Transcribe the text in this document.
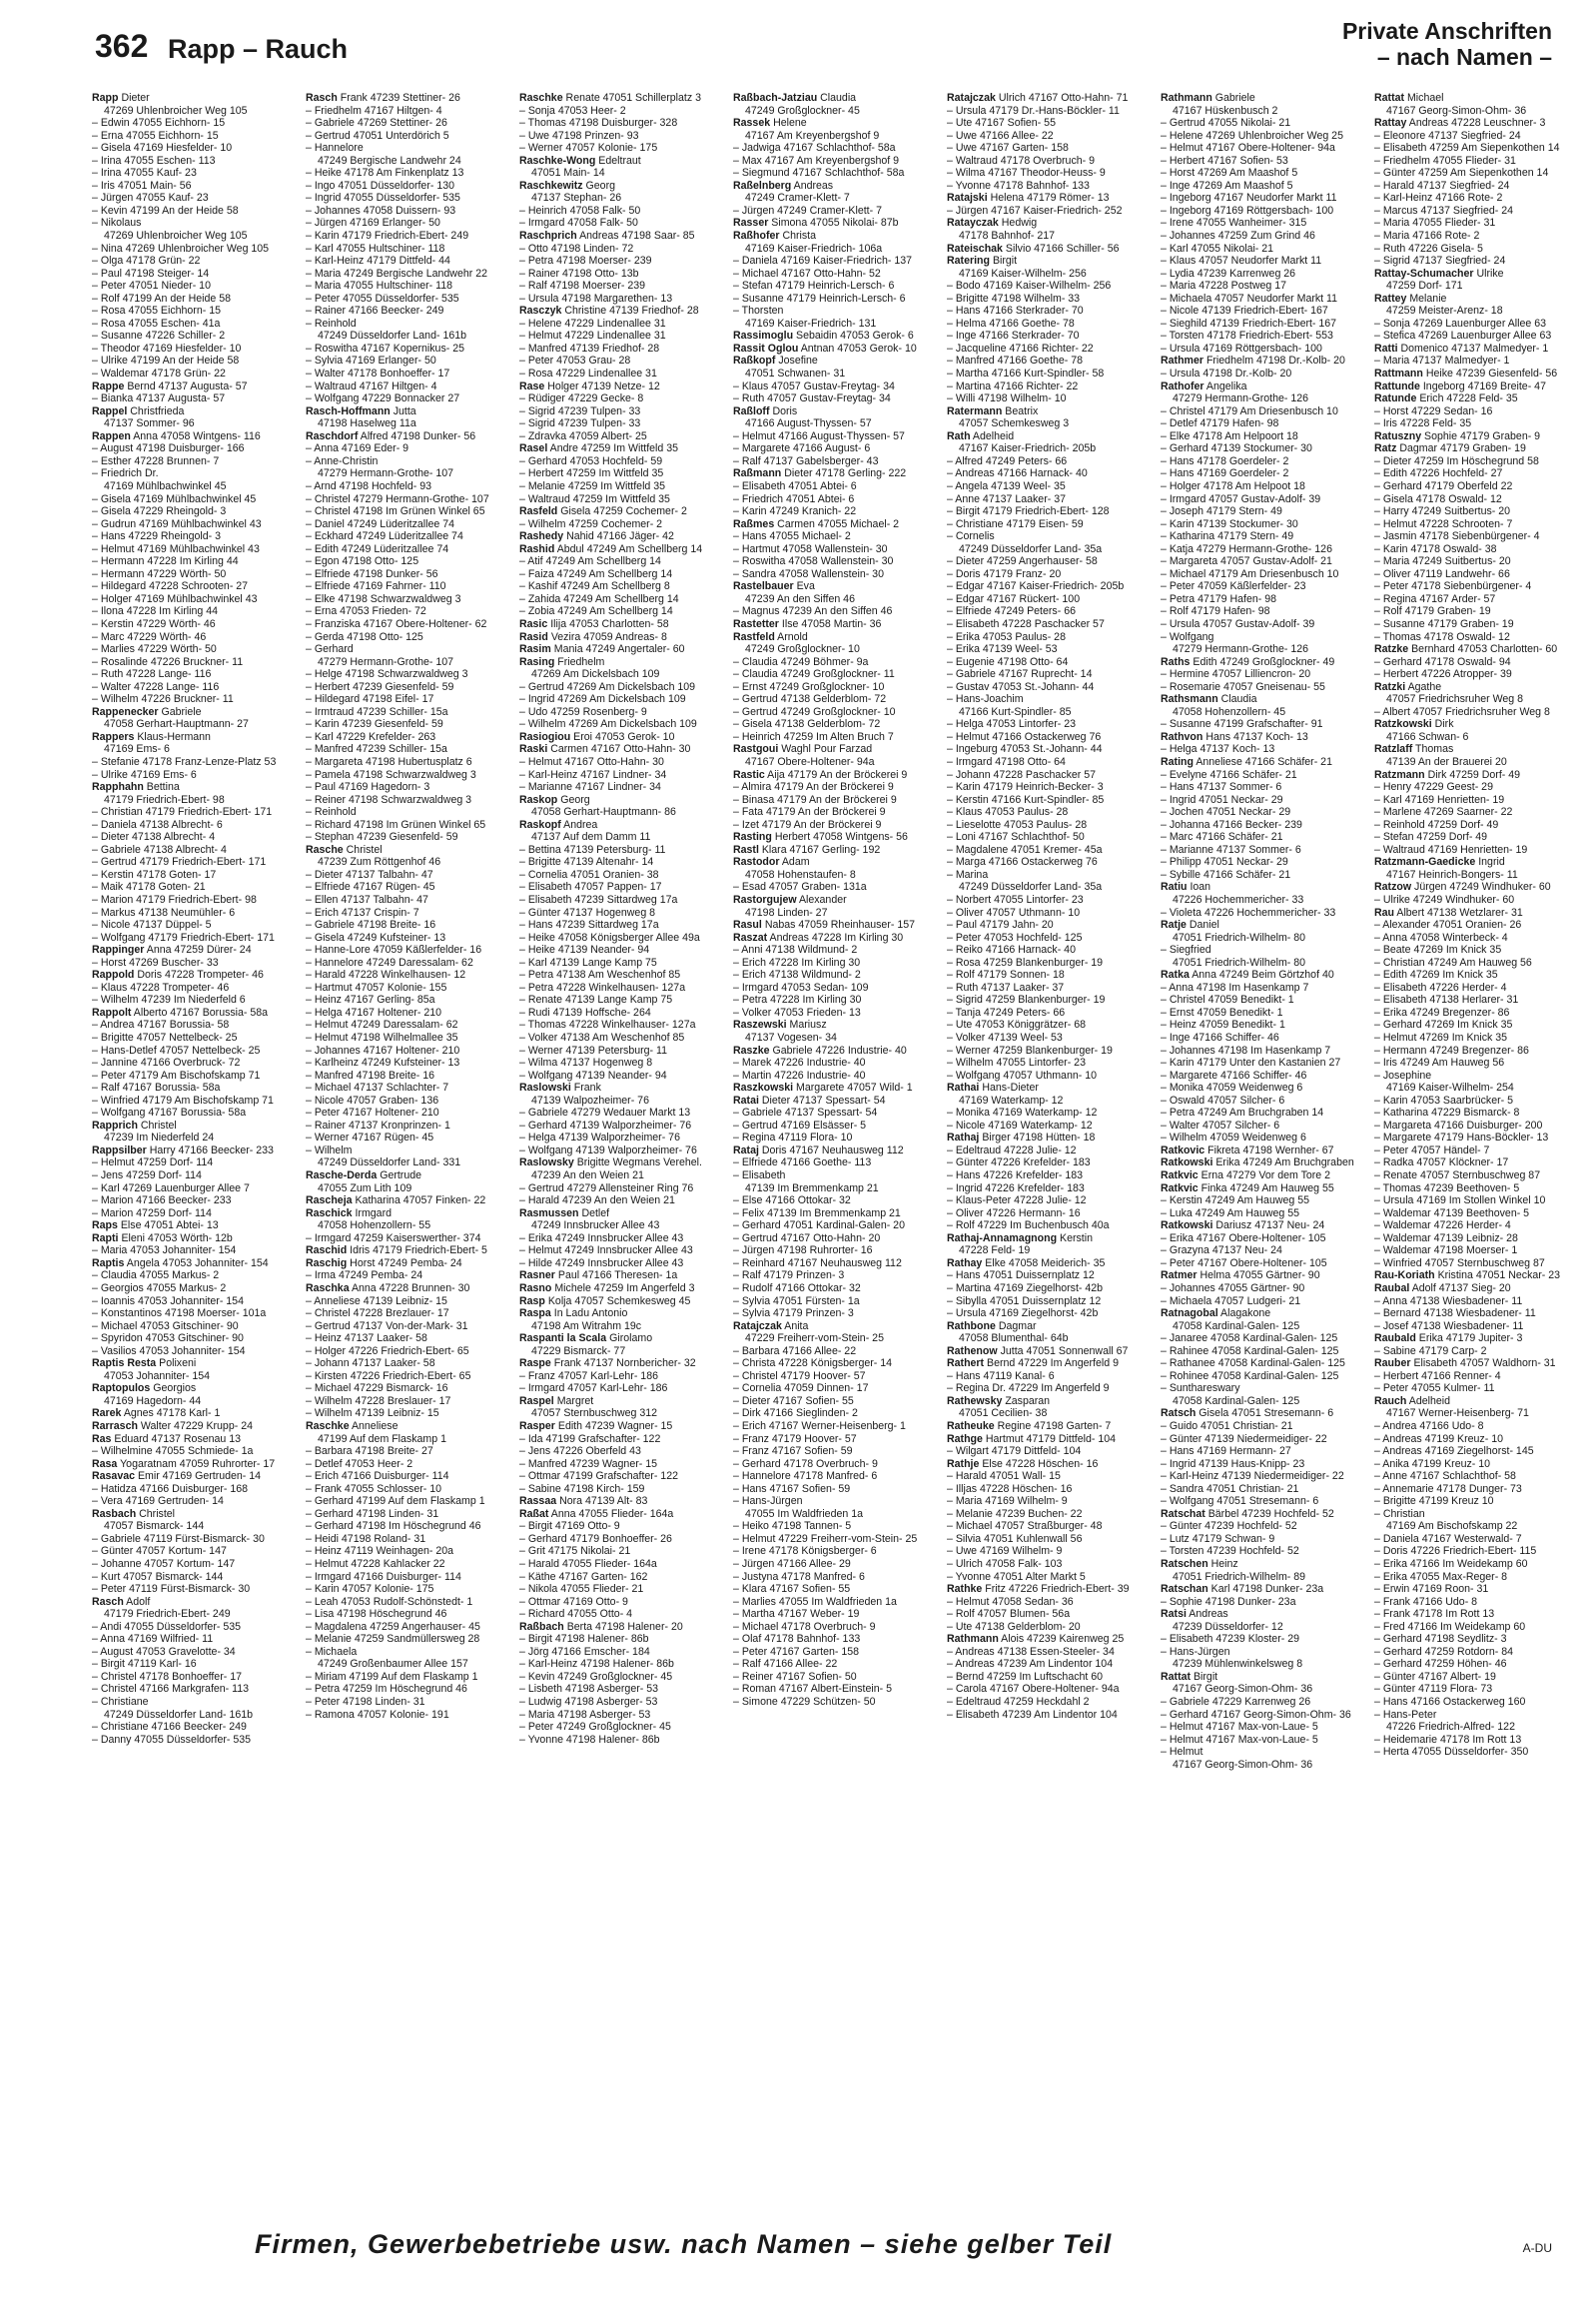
362 Rapp – Rauch
Private Anschriften
– nach Namen –
Rapp Dieter
47269 Uhlenbroicher Weg 105
– Edwin 47055 Eichhorn- 15
– Erna 47055 Eichhorn- 15
– Gisela 47169 Hiesfelder- 10
– Irina 47055 Eschen- 113
– Irina 47055 Kauf- 23
– Iris 47051 Main- 56
– Jürgen 47055 Kauf- 23
– Kevin 47199 An der Heide 58
– Nikolaus
47269 Uhlenbroicher Weg 105
– Nina 47269 Uhlenbroicher Weg 105
– Olga 47178 Grün- 22
– Paul 47198 Steiger- 14
– Peter 47051 Nieder- 10
– Rolf 47199 An der Heide 58
– Rosa 47055 Eichhorn- 15
– Rosa 47055 Eschen- 41a
– Susanne 47226 Schiller- 2
– Theodor 47169 Hiesfelder- 10
– Ulrike 47199 An der Heide 58
– Waldemar 47178 Grün- 22
Rappe Bernd 47137 Augusta- 57
– Bianka 47137 Augusta- 57
Rappel Christfrieda
47137 Sommer- 96
Rappen Anna 47058 Wintgens- 116
– August 47198 Duisburger- 166
– Esther 47228 Brunnen- 7
– Friedrich Dr.
47169 Mühlbachwinkel 45
– Gisela 47169 Mühlbachwinkel 45
– Gisela 47229 Rheingold- 3
– Gudrun 47169 Mühlbachwinkel 43
– Hans 47229 Rheingold- 3
– Helmut 47169 Mühlbachwinkel 43
– Hermann 47228 Im Kirling 44
– Hermann 47229 Wörth- 50
– Hildegard 47228 Schrooten- 27
– Holger 47169 Mühlbachwinkel 43
– Ilona 47228 Im Kirling 44
– Kerstin 47229 Wörth- 46
– Marc 47229 Wörth- 46
– Marlies 47229 Wörth- 50
– Rosalinde 47226 Bruckner- 11
– Ruth 47228 Lange- 116
– Walter 47228 Lange- 116
– Wilhelm 47226 Bruckner- 11
Rappenecker Gabriele
47058 Gerhart-Hauptmann- 27
Rappers Klaus-Hermann
47169 Ems- 6
– Stefanie 47178 Franz-Lenze-Platz 53
– Ulrike 47169 Ems- 6
Rapphahn Bettina
47179 Friedrich-Ebert- 98
– Christian 47179 Friedrich-Ebert- 171
– Daniela 47138 Albrecht- 6
– Dieter 47138 Albrecht- 4
– Gabriele 47138 Albrecht- 4
– Gertrud 47179 Friedrich-Ebert- 171
– Kerstin 47178 Goten- 17
– Maik 47178 Goten- 21
– Marion 47179 Friedrich-Ebert- 98
– Markus 47138 Neumühler- 6
– Nicole 47137 Düppel- 5
– Wolfgang 47179 Friedrich-Ebert- 171
Rappinger Anna 47259 Dürer- 24
– Horst 47269 Buscher- 33
Rappold Doris 47228 Trompeter- 46
– Klaus 47228 Trompeter- 46
– Wilhelm 47239 Im Niederfeld 6
Rappolt Alberto 47167 Borussia- 58a
– Andrea 47167 Borussia- 58
– Brigitte 47057 Nettelbeck- 25
– Hans-Detlef 47057 Nettelbeck- 25
– Jannine 47166 Overbruck- 72
– Peter 47179 Am Bischofskamp 71
– Ralf 47167 Borussia- 58a
– Winfried 47179 Am Bischofskamp 71
– Wolfgang 47167 Borussia- 58a
Rapprich Christel
47239 Im Niederfeld 24
Rappsilber Harry 47166 Beecker- 233
– Helmut 47259 Dorf- 114
– Jens 47259 Dorf- 114
– Karl 47269 Lauenburger Allee 7
– Marion 47166 Beecker- 233
– Marion 47259 Dorf- 114
Raps Else 47051 Abtei- 13
Rapti Eleni 47053 Wörth- 12b
– Maria 47053 Johanniter- 154
Raptis Angela 47053 Johanniter- 154
– Claudia 47055 Markus- 2
– Georgios 47055 Markus- 2
– Ioannis 47053 Johanniter- 154
– Konstantinos 47198 Moerser- 101a
– Michael 47053 Gitschiner- 90
– Spyridon 47053 Gitschiner- 90
– Vasilios 47053 Johanniter- 154
Raptis Resta Polixeni
47053 Johanniter- 154
Raptopulos Georgios
47169 Hagedorn- 44
Rarek Agnes 47178 Karl- 1
Rarrasch Walter 47229 Krupp- 24
Ras Eduard 47137 Rosenau 13
– Wilhelmine 47055 Schmiede- 1a
Rasa Yogaratnam 47059 Ruhrorter- 17
Rasavac Emir 47169 Gertruden- 14
– Hatidza 47166 Duisburger- 168
– Vera 47169 Gertruden- 14
Rasbach Christel
47057 Bismarck- 144
– Gabriele 47119 Fürst-Bismarck- 30
– Günter 47057 Kortum- 147
– Johanne 47057 Kortum- 147
– Kurt 47057 Bismarck- 144
– Peter 47119 Fürst-Bismarck- 30
Rasch Adolf
47179 Friedrich-Ebert- 249
– Andi 47055 Düsseldorfer- 535
– Anna 47169 Wilfried- 11
– August 47053 Gravelotte- 34
– Birgit 47119 Karl- 16
– Christel 47178 Bonhoeffer- 17
– Christel 47166 Markgrafen- 113
– Christiane
47249 Düsseldorfer Land- 161b
– Christiane 47166 Beecker- 249
– Danny 47055 Düsseldorfer- 535
Rasch Frank 47239 Stettiner- 26
– Friedhelm 47167 Hiltgen- 4
– Gabriele 47269 Stettiner- 26
– Gertrud 47051 Unterdörich 5
– Hannelore
47249 Bergische Landwehr 24
– Heike 47178 Am Finkenplatz 13
– Ingo 47051 Düsseldorfer- 130
– Ingrid 47055 Düsseldorfer- 535
– Johannes 47058 Duissern- 93
– Jürgen 47169 Erlanger- 50
– Karin 47179 Friedrich-Ebert- 249
– Karl 47055 Hultschiner- 118
– Karl-Heinz 47179 Dittfeld- 44
– Maria 47249 Bergische Landwehr 22
– Maria 47055 Hultschiner- 118
– Peter 47055 Düsseldorfer- 535
– Rainer 47166 Beecker- 249
– Reinhold
47249 Düsseldorfer Land- 161b
– Roswitha 47167 Kopernikus- 25
– Sylvia 47169 Erlanger- 50
– Walter 47178 Bonhoeffer- 17
– Waltraud 47167 Hiltgen- 4
– Wolfgang 47229 Bonnacker 27
Rasch-Hoffmann Jutta
47198 Haselweg 11a
Raschdorf Alfred 47198 Dunker- 56
– Anna 47169 Eder- 9
– Anne-Christin
47279 Hermann-Grothe- 107
– Arnd 47198 Hochfeld- 93
– Christel 47279 Hermann-Grothe- 107
– Christel 47198 Im Grünen Winkel 65
– Daniel 47249 Lüderitzallee 74
– Eckhard 47249 Lüderitzallee 74
– Edith 47249 Lüderitzallee 74
– Egon 47198 Otto- 125
– Elfriede 47198 Dunker- 56
– Elfriede 47169 Fahrner- 110
– Elke 47198 Schwarzwaldweg 3
– Erna 47053 Frieden- 72
– Franziska 47167 Obere-Holtener- 62
– Gerda 47198 Otto- 125
– Gerhard
47279 Hermann-Grothe- 107
– Helge 47198 Schwarzwaldweg 3
– Herbert 47239 Giesenfeld- 59
– Hildegard 47198 Eifel- 17
– Irmtraud 47239 Schiller- 15a
– Karin 47239 Giesenfeld- 59
– Karl 47229 Krefelder- 263
– Manfred 47239 Schiller- 15a
– Margareta 47198 Hubertusplatz 6
– Pamela 47198 Schwarzwaldweg 3
– Paul 47169 Hagedorn- 3
– Reiner 47198 Schwarzwaldweg 3
– Reinhold
– Richard 47198 Im Grünen Winkel 65
– Stephan 47239 Giesenfeld- 59
Rasche Christel
47239 Zum Röttgenhof 46
– Dieter 47137 Talbahn- 47
– Elfriede 47167 Rügen- 45
– Ellen 47137 Talbahn- 47
– Erich 47137 Crispin- 7
– Gabriele 47198 Breite- 16
– Gisela 47249 Kufsteiner- 13
– Hanne-Lore 47059 Käßlerfelder- 16
– Hannelore 47249 Daressalam- 62
– Harald 47228 Winkelhausen- 12
– Hartmut 47057 Kolonie- 155
– Heinz 47167 Gerling- 85a
– Helga 47167 Holtener- 210
– Helmut 47249 Daressalam- 62
– Helmut 47198 Wilhelmallee 35
– Johannes 47167 Holtener- 210
– Karlheinz 47249 Kufsteiner- 13
– Manfred 47198 Breite- 16
– Michael 47137 Schlachter- 7
– Nicole 47057 Graben- 136
– Peter 47167 Holtener- 210
– Rainer 47137 Kronprinzen- 1
– Werner 47167 Rügen- 45
– Wilhelm
47249 Düsseldorfer Land- 331
Rasche-Derda Gertrude
47055 Zum Lith 109
Rascheja Katharina 47057 Finken- 22
Raschick Irmgard
47058 Hohenzollern- 55
– Irmgard 47259 Kaiserswerther- 374
Raschid Idris 47179 Friedrich-Ebert- 5
Raschig Horst 47249 Pemba- 24
– Irma 47249 Pemba- 24
Raschka Anna 47228 Brunnen- 30
– Anneliese 47139 Leibniz- 15
– Christel 47228 Brezlauer- 17
– Gertrud 47137 Von-der-Mark- 31
– Heinz 47137 Laaker- 58
– Holger 47226 Friedrich-Ebert- 65
– Johann 47137 Laaker- 58
– Kirsten 47226 Friedrich-Ebert- 65
– Michael 47229 Bismarck- 16
– Wilhelm 47228 Breslauer- 17
– Wilhelm 47139 Leibniz- 15
Raschke Anneliese
47199 Auf dem Flaskamp 1
– Barbara 47198 Breite- 27
– Detlef 47053 Heer- 2
– Erich 47166 Duisburger- 114
– Frank 47055 Schlosser- 10
– Gerhard 47199 Auf dem Flaskamp 1
– Gerhard 47198 Linden- 31
– Gerhard 47198 Im Höschegrund 46
– Heidi 47198 Roland- 31
– Heinz 47119 Weinhagen- 20a
– Helmut 47228 Kahlacker 22
– Irmgard 47166 Duisburger- 114
– Karin 47057 Kolonie- 175
– Leah 47053 Rudolf-Schönstedt- 1
– Lisa 47198 Höschegrund 46
– Magdalena 47259 Angerhauser- 45
– Melanie 47259 Sandmüllersweg 28
– Michaela
47249 Großenbaumer Allee 157
– Miriam 47199 Auf dem Flaskamp 1
– Petra 47259 Im Höschegrund 46
– Peter 47198 Linden- 31
– Ramona 47057 Kolonie- 191
Raschke Renate 47051 Schillerplatz 3
– Sonja 47053 Heer- 2
– Thomas 47198 Duisburger- 328
– Uwe 47198 Prinzen- 93
– Werner 47057 Kolonie- 175
Raschke-Wong Edeltraut
47051 Main- 14
Raschkewitz Georg
47137 Stephan- 26
– Heinrich 47058 Falk- 50
– Irmgard 47058 Falk- 50
Raschprich Andreas 47198 Saar- 85
– Otto 47198 Linden- 72
– Petra 47198 Moerser- 239
– Rainer 47198 Otto- 13b
– Ralf 47198 Moerser- 239
– Ursula 47198 Margarethen- 13
Rasczyk Christine 47139 Friedhof- 28
– Helene 47229 Lindenallee 31
– Helmut 47229 Lindenallee 31
– Manfred 47139 Friedhof- 28
– Peter 47053 Grau- 28
– Rosa 47229 Lindenallee 31
Rase Holger 47139 Netze- 12
– Rüdiger 47229 Gecke- 8
– Sigrid 47239 Tulpen- 33
– Sigrid 47239 Tulpen- 33
– Zdravka 47059 Albert- 25
Rasel Andre 47259 Im Wittfeld 35
– Gerhard 47053 Hochfeld- 59
– Herbert 47259 Im Wittfeld 35
– Melanie 47259 Im Wittfeld 35
– Waltraud 47259 Im Wittfeld 35
Rasfeld Gisela 47259 Cochemer- 2
– Wilhelm 47259 Cochemer- 2
Rashedy Nahid 47166 Jäger- 42
Rashid Abdul 47249 Am Schellberg 14
– Atif 47249 Am Schellberg 14
– Faiza 47249 Am Schellberg 14
– Kashif 47249 Am Schellberg 8
– Zahida 47249 Am Schellberg 14
– Zobia 47249 Am Schellberg 14
Rasic Ilija 47053 Charlotten- 58
Rasid Vezira 47059 Andreas- 8
Rasim Mania 47249 Angertaler- 60
Rasing Friedhelm
47269 Am Dickelsbach 109
– Gertrud 47269 Am Dickelsbach 109
– Ingrid 47269 Am Dickelsbach 109
– Udo 47259 Rosenberg- 9
– Wilhelm 47269 Am Dickelsbach 109
Rasiogiou Eroi 47053 Gerok- 10
Raski Carmen 47167 Otto-Hahn- 30
– Helmut 47167 Otto-Hahn- 30
– Karl-Heinz 47167 Lindner- 34
– Marianne 47167 Lindner- 34
Raskop Georg
47058 Gerhart-Hauptmann- 86
Raskopf Andrea
47137 Auf dem Damm 11
– Bettina 47139 Petersburg- 11
– Brigitte 47139 Altenahr- 14
– Cornelia 47051 Oranien- 38
– Elisabeth 47057 Pappen- 17
– Elisabeth 47239 Sittardweg 17a
– Günter 47137 Hogenweg 8
– Hans 47239 Sittardweg 17a
– Heike 47058 Königsberger Allee 49a
– Heike 47139 Neander- 94
– Karl 47139 Lange Kamp 75
– Petra 47138 Am Weschenhof 85
– Petra 47228 Winkelhausen- 127a
– Renate 47139 Lange Kamp 75
– Rudi 47139 Hoffsche- 264
– Thomas 47228 Winkelhauser- 127a
– Volker 47138 Am Weschenhof 85
– Werner 47139 Petersburg- 11
– Wilma 47137 Hogenweg 8
– Wolfgang 47139 Neander- 94
Raslowski Frank
47139 Walpozheimer- 76
– Gabriele 47279 Wedauer Markt 13
– Gerhard 47139 Walporzheimer- 76
– Helga 47139 Walporzheimer- 76
– Wolfgang 47139 Walporzheimer- 76
Raslowsky Brigitte Wegmans Verehel.
47239 An den Weien 21
– Gertrud 47279 Allensteiner Ring 76
– Harald 47239 An den Weien 21
Rasmussen Detlef
47249 Innsbrucker Allee 43
– Erika 47249 Innsbrucker Allee 43
– Helmut 47249 Innsbrucker Allee 43
– Hilde 47249 Innsbrucker Allee 43
Rasner Paul 47166 Theresen- 1a
Rasno Michele 47259 Im Angerfeld 3
Rasp Kolja 47057 Schemkesweg 45
Raspa In Ladu Antonio
47198 Am Witrahm 19c
Raspanti la Scala Girolamo
47229 Bismarck- 77
Raspe Frank 47137 Nornbericher- 32
– Franz 47057 Karl-Lehr- 186
– Irmgard 47057 Karl-Lehr- 186
Raspel Margret
47057 Sternbuschweg 312
Rasper Edith 47239 Wagner- 15
– Ida 47199 Grafschafter- 122
– Jens 47226 Oberfeld 43
– Manfred 47239 Wagner- 15
– Ottmar 47199 Grafschafter- 122
– Sabine 47198 Kirch- 159
Rassaa Nora 47139 Alt- 83
Raßat Anna 47055 Flieder- 164a
– Birgit 47169 Otto- 9
– Gerhard 47179 Bonhoeffer- 26
– Grit 47175 Nikolai- 21
– Harald 47055 Flieder- 164a
– Käthe 47167 Garten- 162
– Nikola 47055 Flieder- 21
– Ottmar 47169 Otto- 9
– Richard 47055 Otto- 4
Raßbach Berta 47198 Halener- 20
– Birgit 47198 Halener- 86b
– Jörg 47166 Emscher- 184
– Karl-Heinz 47198 Halener- 86b
– Kevin 47249 Großglockner- 45
– Lisbeth 47198 Asberger- 53
– Ludwig 47198 Asberger- 53
– Maria 47198 Asberger- 53
– Peter 47249 Großglockner- 45
– Yvonne 47198 Halener- 86b
Raßbach-Jatziau Claudia
47249 Großglockner- 45
Rassek Helene
47167 Am Kreyenbergshof 9
– Jadwiga 47167 Schlachthof- 58a
– Max 47167 Am Kreyenbergshof 9
– Siegmund 47167 Schlachthof- 58a
Raßelnberg Andreas
47249 Cramer-Klett- 7
– Jürgen 47249 Cramer-Klett- 7
Rasser Simona 47055 Nikolai- 87b
Raßhofer Christa
47169 Kaiser-Friedrich- 106a
– Daniela 47169 Kaiser-Friedrich- 137
– Michael 47167 Otto-Hahn- 52
– Stefan 47179 Heinrich-Lersch- 6
– Susanne 47179 Heinrich-Lersch- 6
– Thorsten
47169 Kaiser-Friedrich- 131
Rassimoglu Sebaidin 47053 Gerok- 6
Rassit Oglou Antnan 47053 Gerok- 10
Raßkopf Josefine
47051 Schwanen- 31
– Klaus 47057 Gustav-Freytag- 34
– Ruth 47057 Gustav-Freytag- 34
Raßloff Doris
47166 August-Thyssen- 57
– Helmut 47166 August-Thyssen- 57
– Margarete 47166 August- 6
– Ralf 47137 Gabelsberger- 43
Raßmann Dieter 47178 Gerling- 222
– Elisabeth 47051 Abtei- 6
– Friedrich 47051 Abtei- 6
– Karin 47249 Kranich- 22
Raßmes Carmen 47055 Michael- 2
– Hans 47055 Michael- 2
– Hartmut 47058 Wallenstein- 30
– Roswitha 47058 Wallenstein- 30
– Sandra 47058 Wallenstein- 30
Rastelbauer Eva
47239 An den Siffen 46
– Magnus 47239 An den Siffen 46
Rastetter Ilse 47058 Martin- 36
Rastfeld Arnold
47249 Großglockner- 10
– Claudia 47249 Böhmer- 9a
– Claudia 47249 Großglockner- 11
– Ernst 47249 Großglockner- 10
– Gertrud 47138 Gelderblom- 72
– Gertrud 47249 Großglockner- 10
– Gisela 47138 Gelderblom- 72
– Heinrich 47259 Im Alten Bruch 7
Rastgoui Waghl Pour Farzad
47167 Obere-Holtener- 94a
Rastic Aija 47179 An der Bröckerei 9
– Almira 47179 An der Bröckerei 9
– Binasa 47179 An der Bröckerei 9
– Fata 47179 An der Bröckerei 9
– Izet 47179 An der Bröckerei 9
Rasting Herbert 47058 Wintgens- 56
Rastl Klara 47167 Gerling- 192
Rastodor Adam
47058 Hohenstaufen- 8
– Esad 47057 Graben- 131a
Rastorgujew Alexander
47198 Linden- 27
Rasul Nabas 47059 Rheinhauser- 157
Raszat Andreas 47228 Im Kirling 30
– Anni 47138 Wildmund- 2
– Erich 47228 Im Kirling 30
– Erich 47138 Wildmund- 2
– Irmgard 47053 Sedan- 109
– Petra 47228 Im Kirling 30
– Volker 47053 Frieden- 13
Raszewski Mariusz
47137 Vogesen- 34
Raszke Gabriele 47226 Industrie- 40
– Marek 47226 Industrie- 40
– Martin 47226 Industrie- 40
Raszkowski Margarete 47057 Wild- 1
Ratai Dieter 47137 Spessart- 54
– Gabriele 47137 Spessart- 54
– Gertrud 47169 Elsässer- 5
– Regina 47119 Flora- 10
Rataj Doris 47167 Neuhausweg 112
– Elfriede 47166 Goethe- 113
– Elisabeth
47139 Im Bremmenkamp 21
– Else 47166 Ottokar- 32
– Felix 47139 Im Bremmenkamp 21
– Gerhard 47051 Kardinal-Galen- 20
– Gertrud 47167 Otto-Hahn- 20
– Jürgen 47198 Ruhrorter- 16
– Reinhard 47167 Neuhausweg 112
– Ralf 47179 Prinzen- 3
– Rudolf 47166 Ottokar- 32
– Sylvia 47051 Fürsten- 1a
– Sylvia 47179 Prinzen- 3
Ratajczak Anita
47229 Freiherr-vom-Stein- 25
– Barbara 47166 Allee- 22
– Christa 47228 Königsberger- 14
– Christel 47179 Hoover- 57
– Cornelia 47059 Dinnen- 17
– Dieter 47167 Sofien- 55
– Dirk 47166 Sieglinden- 2
– Erich 47167 Werner-Heisenberg- 1
– Franz 47179 Hoover- 57
– Franz 47167 Sofien- 59
– Gerhard 47178 Overbruch- 9
– Hannelore 47178 Manfred- 6
– Hans 47167 Sofien- 59
– Hans-Jürgen
47055 Im Waldfrieden 1a
– Heiko 47198 Tannen- 5
– Helmut 47229 Freiherr-vom-Stein- 25
– Irene 47178 Königsberger- 6
– Jürgen 47166 Allee- 29
– Justyna 47178 Manfred- 6
– Klara 47167 Sofien- 55
– Marlies 47055 Im Waldfrieden 1a
– Martha 47167 Weber- 19
– Michael 47178 Overbruch- 9
– Olaf 47178 Bahnhof- 133
– Peter 47167 Garten- 158
– Ralf 47166 Allee- 22
– Reiner 47167 Sofien- 50
– Roman 47167 Albert-Einstein- 5
– Simone 47229 Schützen- 50
Ratajczak Ulrich 47167 Otto-Hahn- 71
– Ursula 47179 Dr.-Hans-Böckler- 11
– Ute 47167 Sofien- 55
– Uwe 47166 Allee- 22
– Uwe 47167 Garten- 158
– Waltraud 47178 Overbruch- 9
– Wilma 47167 Theodor-Heuss- 9
– Yvonne 47178 Bahnhof- 133
Ratajski Helena 47179 Römer- 13
– Jürgen 47167 Kaiser-Friedrich- 252
Ratayczak Hedwig
47178 Bahnhof- 217
Rateischak Silvio 47166 Schiller- 56
Ratering Birgit
47169 Kaiser-Wilhelm- 256
– Bodo 47169 Kaiser-Wilhelm- 256
– Brigitte 47198 Wilhelm- 33
– Hans 47166 Sterkrader- 70
– Helma 47166 Goethe- 78
– Inge 47166 Sterkrader- 70
– Jacqueline 47166 Richter- 22
– Manfred 47166 Goethe- 78
– Martha 47166 Kurt-Spindler- 58
– Martina 47166 Richter- 22
– Willi 47198 Wilhelm- 10
Ratermann Beatrix
47057 Schemkesweg 3
Rath Adelheid
47167 Kaiser-Friedrich- 205b
– Alfred 47249 Peters- 66
– Andreas 47166 Harnack- 40
– Angela 47139 Weel- 35
– Anne 47137 Laaker- 37
– Birgit 47179 Friedrich-Ebert- 128
– Christiane 47179 Eisen- 59
– Cornelis
47249 Düsseldorfer Land- 35a
– Dieter 47259 Angerhauser- 58
– Doris 47179 Franz- 20
– Edgar 47167 Kaiser-Friedrich- 205b
– Edgar 47167 Rückert- 100
– Elfriede 47249 Peters- 66
– Elisabeth 47228 Paschacker 57
– Erika 47053 Paulus- 28
– Erika 47139 Weel- 53
– Eugenie 47198 Otto- 64
– Gabriele 47167 Ruprecht- 14
– Gustav 47053 St.-Johann- 44
– Hans-Joachim
47166 Kurt-Spindler- 85
– Helga 47053 Lintorfer- 23
– Helmut 47166 Ostackerweg 76
– Ingeburg 47053 St.-Johann- 44
– Irmgard 47198 Otto- 64
– Johann 47228 Paschacker 57
– Karin 47179 Heinrich-Becker- 3
– Kerstin 47166 Kurt-Spindler- 85
– Klaus 47053 Paulus- 28
– Lieselotte 47053 Paulus- 28
– Loni 47167 Schlachthof- 50
– Magdalene 47051 Kremer- 45a
– Marga 47166 Ostackerweg 76
– Marina
47249 Düsseldorfer Land- 35a
– Norbert 47055 Lintorfer- 23
– Oliver 47057 Uthmann- 10
– Paul 47179 Jahn- 20
– Peter 47053 Hochfeld- 125
– Reiko 47166 Harnack- 40
– Rosa 47259 Blankenburger- 19
– Rolf 47179 Sonnen- 18
– Ruth 47137 Laaker- 37
– Sigrid 47259 Blankenburger- 19
– Tanja 47249 Peters- 66
– Ute 47053 Königgrätzer- 68
– Volker 47139 Weel- 53
– Werner 47259 Blankenburger- 19
– Wilhelm 47055 Lintorfer- 23
– Wolfgang 47057 Uthmann- 10
Rathai Hans-Dieter
47169 Waterkamp- 12
– Monika 47169 Waterkamp- 12
– Nicole 47169 Waterkamp- 12
Rathaj Birger 47198 Hütten- 18
– Edeltraud 47228 Julie- 12
– Günter 47226 Krefelder- 183
– Hans 47226 Krefelder- 183
– Ingrid 47226 Krefelder- 183
– Klaus-Peter 47228 Julie- 12
– Oliver 47226 Hermann- 16
– Rolf 47229 Im Buchenbusch 40a
Rathaj-Annamagnong Kerstin
47228 Feld- 19
Rathay Elke 47058 Meiderich- 35
– Hans 47051 Duissernplatz 12
– Martina 47169 Ziegelhorst- 42b
– Sibylla 47051 Duissernplatz 12
– Ursula 47169 Ziegelhorst- 42b
Rathbone Dagmar
47058 Blumenthal- 64b
Rathenow Jutta 47051 Sonnenwall 67
Rathert Bernd 47229 Im Angerfeld 9
– Hans 47119 Kanal- 6
– Regina Dr. 47229 Im Angerfeld 9
Rathewsky Zasparan
47051 Cecilien- 38
Ratheuke Regine 47198 Garten- 7
Rathge Hartmut 47179 Dittfeld- 104
– Wilgart 47179 Dittfeld- 104
Rathje Else 47228 Höschen- 16
– Harald 47051 Wall- 15
– Illjas 47228 Höschen- 16
– Maria 47169 Wilhelm- 9
– Melanie 47239 Buchen- 22
– Michael 47057 Straßburger- 48
– Silvia 47051 Kuhlenwall 56
– Uwe 47169 Wilhelm- 9
– Ulrich 47058 Falk- 103
– Yvonne 47051 Alter Markt 5
Rathke Fritz 47226 Friedrich-Ebert- 39
– Helmut 47058 Sedan- 36
– Rolf 47057 Blumen- 56a
– Ute 47138 Gelderblom- 20
Rathmann Alois 47239 Kairenweg 25
– Andreas 47138 Essen-Steeler- 34
– Andreas 47239 Am Lindentor 104
– Bernd 47259 Im Luftschacht 60
– Carola 47167 Obere-Holtener- 94a
– Edeltraud 47259 Heckdahl 2
– Elisabeth 47239 Am Lindentor 104
Rathmann Gabriele
47167 Hüskenbusch 2
– Gertrud 47055 Nikolai- 21
– Helene 47269 Uhlenbroicher Weg 25
– Helmut 47167 Obere-Holtener- 94a
– Herbert 47167 Sofien- 53
– Horst 47269 Am Maashof 5
– Inge 47269 Am Maashof 5
– Ingeborg 47167 Neudorfer Markt 11
– Ingeborg 47169 Röttgersbach- 100
– Irene 47055 Wanheimer- 315
– Johannes 47259 Zum Grind 46
– Karl 47055 Nikolai- 21
– Klaus 47057 Neudorfer Markt 11
– Lydia 47239 Karrenweg 26
– Maria 47228 Postweg 17
– Michaela 47057 Neudorfer Markt 11
– Nicole 47139 Friedrich-Ebert- 167
– Sieghild 47139 Friedrich-Ebert- 167
– Torsten 47178 Friedrich-Ebert- 553
– Ursula 47169 Röttgersbach- 100
Rathmer Friedhelm 47198 Dr.-Kolb- 20
– Ursula 47198 Dr.-Kolb- 20
Rathofer Angelika
47279 Hermann-Grothe- 126
– Christel 47179 Am Driesenbusch 10
– Detlef 47179 Hafen- 98
– Elke 47178 Am Helpoort 18
– Gerhard 47139 Stockumer- 30
– Hans 47178 Goerdeler- 2
– Hans 47169 Goerdeler- 2
– Holger 47178 Am Helpoot 18
– Irmgard 47057 Gustav-Adolf- 39
– Joseph 47179 Stern- 49
– Karin 47139 Stockumer- 30
– Katharina 47179 Stern- 49
– Katja 47279 Hermann-Grothe- 126
– Margareta 47057 Gustav-Adolf- 21
– Michael 47179 Am Driesenbusch 10
– Peter 47059 Käßlerfelder- 23
– Petra 47179 Hafen- 98
– Rolf 47179 Hafen- 98
– Ursula 47057 Gustav-Adolf- 39
– Wolfgang
47279 Hermann-Grothe- 126
Raths Edith 47249 Großglockner- 49
– Hermine 47057 Lilliencron- 20
– Rosemarie 47057 Gneisenau- 55
Rathsmann Claudia
47058 Hohenzollern- 45
– Susanne 47199 Grafschafter- 91
Rathvon Hans 47137 Koch- 13
– Helga 47137 Koch- 13
Rating Anneliese 47166 Schäfer- 21
– Evelyne 47166 Schäfer- 21
– Hans 47137 Sommer- 6
– Ingrid 47051 Neckar- 29
– Jochen 47051 Neckar- 29
– Johanna 47166 Becker- 239
– Marc 47166 Schäfer- 21
– Marianne 47137 Sommer- 6
– Philipp 47051 Neckar- 29
– Sybille 47166 Schäfer- 21
Ratiu Ioan
47226 Hochemmericher- 33
– Violeta 47226 Hochemmericher- 33
Ratje Daniel
47051 Friedrich-Wilhelm- 80
– Siegfried
47051 Friedrich-Wilhelm- 80
Ratka Anna 47249 Beim Görtzhof 40
– Anna 47198 Im Hasenkamp 7
– Christel 47059 Benedikt- 1
– Ernst 47059 Benedikt- 1
– Heinz 47059 Benedikt- 1
– Inge 47166 Schiffer- 46
– Johannes 47198 Im Hasenkamp 7
– Karin 47179 Unter den Kastanien 27
– Margarete 47166 Schiffer- 46
– Monika 47059 Weidenweg 6
– Oswald 47057 Silcher- 6
– Petra 47249 Am Bruchgraben 14
– Walter 47057 Silcher- 6
– Wilhelm 47059 Weidenweg 6
Ratkovic Fikreta 47198 Wernher- 67
Ratkowski Erika 47249 Am Bruchgraben
Ratkvic Erna 47279 Vor dem Tore 2
Ratkvic Finka 47249 Am Hauweg 55
– Kerstin 47249 Am Hauweg 55
– Luka 47249 Am Hauweg 55
Ratkowski Dariusz 47137 Neu- 24
– Erika 47167 Obere-Holtener- 105
– Grazyna 47137 Neu- 24
– Peter 47167 Obere-Holtener- 105
Ratmer Helma 47055 Gärtner- 90
– Johannes 47055 Gärtner- 90
– Michaela 47057 Ludgeri- 21
Ratnagobal Alagakone
47058 Kardinal-Galen- 125
– Janaree 47058 Kardinal-Galen- 125
– Rahinee 47058 Kardinal-Galen- 125
– Rathanee 47058 Kardinal-Galen- 125
– Rohinee 47058 Kardinal-Galen- 125
– Sunthareswary
47058 Kardinal-Galen- 125
Ratsch Gisela 47051 Stresemann- 6
– Guido 47051 Christian- 21
– Günter 47139 Niedermeidiger- 22
– Hans 47169 Hermann- 27
– Ingrid 47139 Haus-Knipp- 23
– Karl-Heinz 47139 Niedermeidiger- 22
– Sandra 47051 Christian- 21
– Wolfgang 47051 Stresemann- 6
Ratschat Bärbel 47239 Hochfeld- 52
– Günter 47239 Hochfeld- 52
– Lutz 47179 Schwan- 9
– Torsten 47239 Hochfeld- 52
Ratschen Heinz
47051 Friedrich-Wilhelm- 89
Ratschan Karl 47198 Dunker- 23a
– Sophie 47198 Dunker- 23a
Ratsi Andreas
47239 Düsseldorfer- 12
– Elisabeth 47239 Kloster- 29
– Hans-Jürgen
47239 Mühlenwinkelsweg 8
Rattat Birgit
47167 Georg-Simon-Ohm- 36
– Gabriele 47229 Karrenweg 26
– Gerhard 47167 Georg-Simon-Ohm- 36
– Helmut 47167 Max-von-Laue- 5
– Helmut 47167 Max-von-Laue- 5
– Helmut
47167 Georg-Simon-Ohm- 36
Rattat Michael
47167 Georg-Simon-Ohm- 36
Rattay Andreas 47228 Leuschner- 3
– Eleonore 47137 Siegfried- 24
– Elisabeth 47259 Am Siepenkothen 14
– Friedhelm 47055 Flieder- 31
– Günter 47259 Am Siepenkothen 14
– Harald 47137 Siegfried- 24
– Karl-Heinz 47166 Rote- 2
– Marcus 47137 Siegfried- 24
– Maria 47055 Flieder- 31
– Maria 47166 Rote- 2
– Ruth 47226 Gisela- 5
– Sigrid 47137 Siegfried- 24
Rattay-Schumacher Ulrike
47259 Dorf- 171
Rattey Melanie
47259 Meister-Arenz- 18
– Sonja 47269 Lauenburger Allee 63
– Stefica 47269 Lauenburger Allee 63
Ratti Domenico 47137 Malmedyer- 1
– Maria 47137 Malmedyer- 1
Rattmann Heike 47239 Giesenfeld- 56
Rattunde Ingeborg 47169 Breite- 47
Ratunde Erich 47228 Feld- 35
– Horst 47229 Sedan- 16
– Iris 47228 Feld- 35
Ratuszny Sophie 47179 Graben- 9
Ratz Dagmar 47179 Graben- 19
– Dieter 47259 Im Höschegrund 58
– Edith 47226 Hochfeld- 27
– Gerhard 47179 Oberfeld 22
– Gisela 47178 Oswald- 12
– Harry 47249 Suitbertus- 20
– Helmut 47228 Schrooten- 7
– Jasmin 47178 Siebenbürgener- 4
– Karin 47178 Oswald- 38
– Maria 47249 Suitbertus- 20
– Oliver 47119 Landwehr- 66
– Peter 47178 Siebenbürgener- 4
– Regina 47167 Arder- 57
– Rolf 47179 Graben- 19
– Susanne 47179 Graben- 19
– Thomas 47178 Oswald- 12
Ratzke Bernhard 47053 Charlotten- 60
– Gerhard 47178 Oswald- 94
– Herbert 47226 Atropper- 39
Ratzki Agathe
47057 Friedrichsruher Weg 8
– Albert 47057 Friedrichsruher Weg 8
Ratzkowski Dirk
47166 Schwan- 6
Ratzlaff Thomas
47139 An der Brauerei 20
Ratzmann Dirk 47259 Dorf- 49
– Henry 47229 Geest- 29
– Karl 47169 Henrietten- 19
– Marlene 47269 Saarner- 22
– Reinhold 47259 Dorf- 49
– Stefan 47259 Dorf- 49
– Waltraud 47169 Henrietten- 19
Ratzmann-Gaedicke Ingrid
47167 Heinrich-Bongers- 11
Ratzow Jürgen 47249 Windhuker- 60
– Ulrike 47249 Windhuker- 60
Rau Albert 47138 Wetzlarer- 31
– Alexander 47051 Oranien- 26
– Anna 47058 Winterbeck- 4
– Beate 47269 Im Knick 35
– Christian 47249 Am Hauweg 56
– Edith 47269 Im Knick 35
– Elisabeth 47226 Herder- 4
– Elisabeth 47138 Herlarer- 31
– Erika 47249 Bregenzer- 86
– Gerhard 47269 Im Knick 35
– Helmut 47269 Im Knick 35
– Hermann 47249 Bregenzer- 86
– Iris 47249 Am Hauweg 56
– Josephine
47169 Kaiser-Wilhelm- 254
– Karin 47053 Saarbrücker- 5
– Katharina 47229 Bismarck- 8
– Margareta 47166 Duisburger- 200
– Margarete 47179 Hans-Böckler- 13
– Peter 47057 Händel- 7
– Radka 47057 Klöckner- 17
– Renate 47057 Sternbuschweg 87
– Thomas 47239 Beethoven- 5
– Ursula 47169 Im Stollen Winkel 10
– Waldemar 47139 Beethoven- 5
– Waldemar 47226 Herder- 4
– Waldemar 47139 Leibniz- 28
– Waldemar 47198 Moerser- 1
– Winfried 47057 Sternbuschweg 87
Rau-Koriath Kristina 47051 Neckar- 23
Raubal Adolf 47137 Sieg- 20
– Anna 47138 Wiesbadener- 11
– Bernard 47138 Wiesbadener- 11
– Josef 47138 Wiesbadener- 11
Raubald Erika 47179 Jupiter- 3
– Sabine 47179 Carp- 2
Rauber Elisabeth 47057 Waldhorn- 31
– Herbert 47166 Renner- 4
– Peter 47055 Kulmer- 11
Rauch Adelheid
47167 Werner-Heisenberg- 71
– Andrea 47166 Udo- 8
– Andreas 47199 Kreuz- 10
– Andreas 47169 Ziegelhorst- 145
– Anika 47199 Kreuz- 10
– Anne 47167 Schlachthof- 58
– Annemarie 47178 Dunger- 73
– Brigitte 47199 Kreuz 10
– Christian
47169 Am Bischofskamp 22
– Daniela 47167 Westerwald- 7
– Doris 47226 Friedrich-Ebert- 115
– Erika 47166 Im Weidekamp 60
– Erika 47055 Max-Reger- 8
– Erwin 47169 Roon- 31
– Frank 47166 Udo- 8
– Frank 47178 Im Rott 13
– Fred 47166 Im Weidekamp 60
– Gerhard 47198 Seydlitz- 3
– Gerhard 47259 Rotdorn- 84
– Gerhard 47259 Höhen- 46
– Günter 47167 Albert- 19
– Günter 47119 Flora- 73
– Hans 47166 Ostackerweg 160
– Hans-Peter
47226 Friedrich-Alfred- 122
– Heidemarie 47178 Im Rott 13
– Herta 47055 Düsseldorfer- 350
Firmen, Gewerbebetriebe usw. nach Namen – siehe gelber Teil	A-DU
